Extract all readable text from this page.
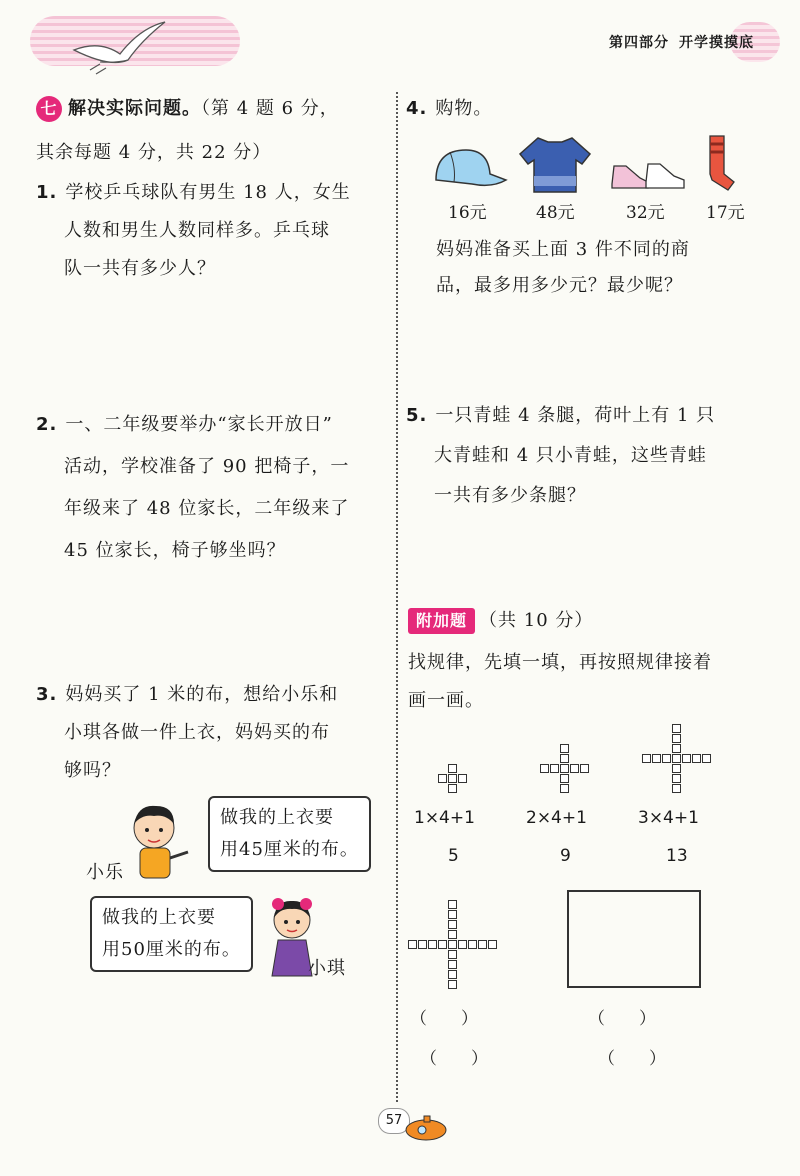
第四部分 开学摸摸底
七 解决实际问题。（第 4 题 6 分，
其余每题 4 分，共 22 分）
1. 学校乒乓球队有男生 18 人，女生
人数和男生人数同样多。乒乓球
队一共有多少人？
2. 一、二年级要举办“家长开放日”
活动，学校准备了 90 把椅子，一
年级来了 48 位家长，二年级来了
45 位家长，椅子够坐吗？
3. 妈妈买了 1 米的布，想给小乐和
小琪各做一件上衣，妈妈买的布
够吗？
做我的上衣要
用45厘米的布。
小乐
做我的上衣要
用50厘米的布。
小琪
4. 购物。
16元	48元	32元 17元
妈妈准备买上面 3 件不同的商
品，最多用多少元？最少呢？
5. 一只青蛙 4 条腿，荷叶上有 1 只
大青蛙和 4 只小青蛙，这些青蛙
一共有多少条腿？
附加题 （共 10 分）
找规律，先填一填，再按照规律接着
画一画。
1×4+1	2×4+1	3×4+1
5	9	13
（　　）
（　　）
（　　）
（　　）
57
